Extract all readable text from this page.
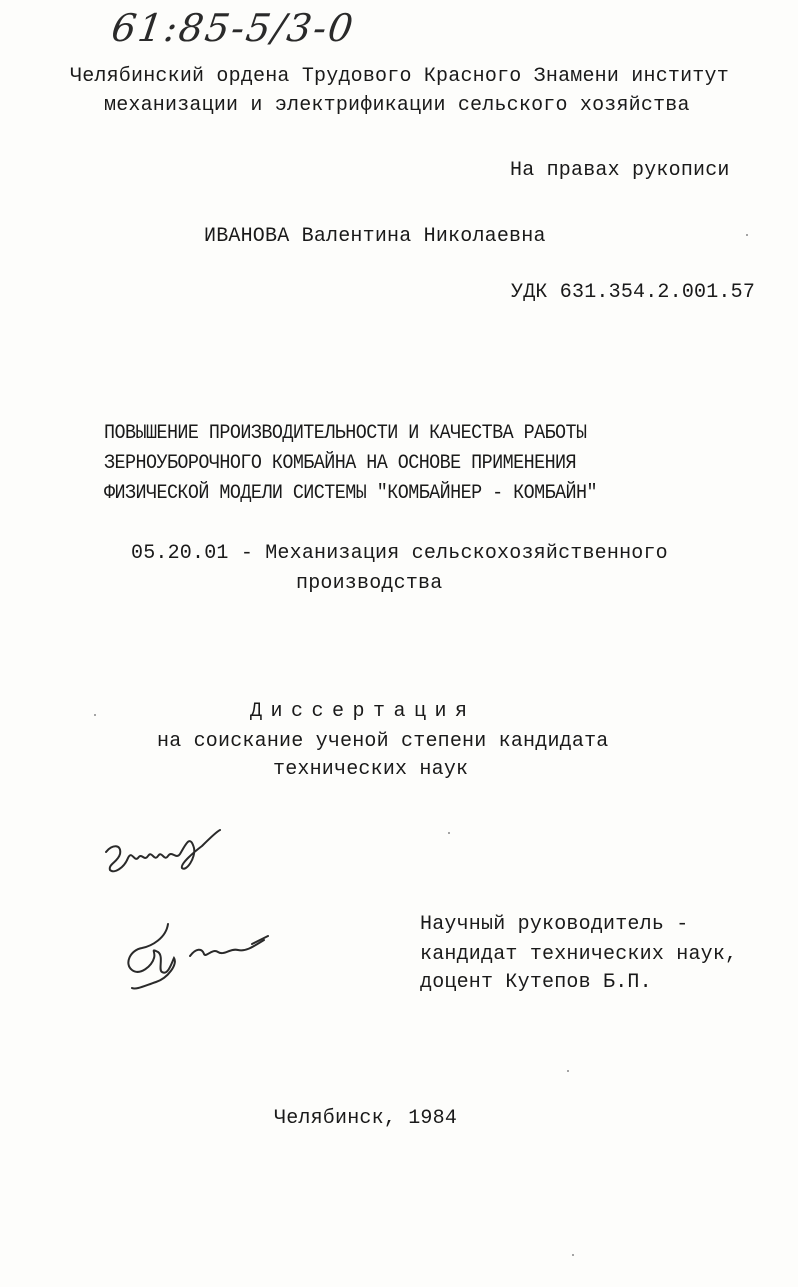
61:85-5/3-0
Челябинский ордена Трудового Красного Знамени институт
механизации и электрификации сельского хозяйства
На правах рукописи
ИВАНОВА Валентина Николаевна
УДК 631.354.2.001.57
ПОВЫШЕНИЕ ПРОИЗВОДИТЕЛЬНОСТИ И КАЧЕСТВА РАБОТЫ
ЗЕРНОУБОРОЧНОГО КОМБАЙНА НА ОСНОВЕ ПРИМЕНЕНИЯ
ФИЗИЧЕСКОЙ МОДЕЛИ СИСТЕМЫ "КОМБАЙНЕР - КОМБАЙН"
05.20.01 - Механизация сельскохозяйственного
производства
Диссертация
на соискание ученой степени кандидата
технических наук
Научный руководитель -
кандидат технических наук,
доцент Кутепов Б.П.
Челябинск, 1984
